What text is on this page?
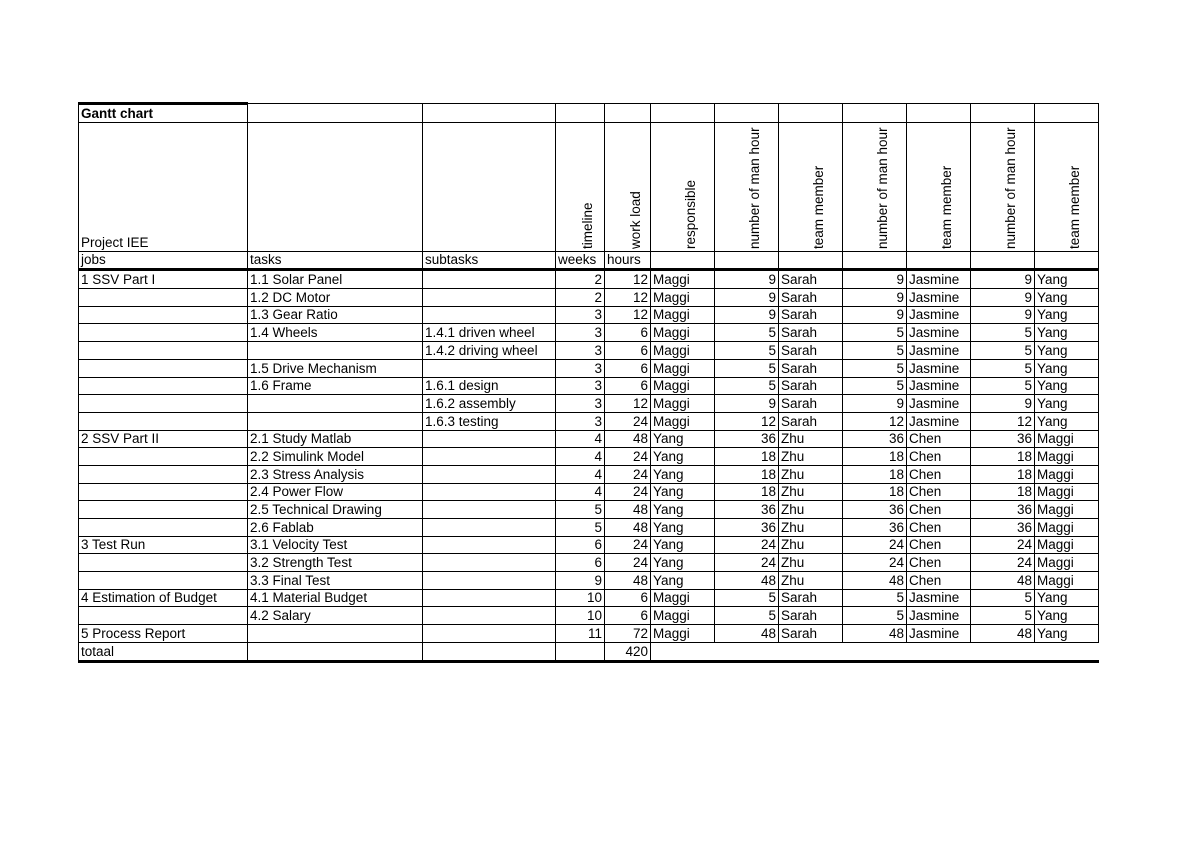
Gantt chart											
Project IEE			timeline	work load	responsible	number of man hour	team member	number of man hour	team member	number of man hour	team member

jobs	tasks	subtasks	weeks	hours							
1 SSV Part I	1.1 Solar Panel		2	12	Maggi	9	Sarah	9	Jasmine	9	Yang
	1.2 DC Motor		2	12	Maggi	9	Sarah	9	Jasmine	9	Yang
	1.3 Gear Ratio		3	12	Maggi	9	Sarah	9	Jasmine	9	Yang
	1.4 Wheels	1.4.1 driven wheel	3	6	Maggi	5	Sarah	5	Jasmine	5	Yang
		1.4.2 driving wheel	3	6	Maggi	5	Sarah	5	Jasmine	5	Yang
	1.5 Drive Mechanism		3	6	Maggi	5	Sarah	5	Jasmine	5	Yang
	1.6 Frame	1.6.1 design	3	6	Maggi	5	Sarah	5	Jasmine	5	Yang
		1.6.2 assembly	3	12	Maggi	9	Sarah	9	Jasmine	9	Yang
		1.6.3 testing	3	24	Maggi	12	Sarah	12	Jasmine	12	Yang
2 SSV Part II	2.1 Study Matlab		4	48	Yang	36	Zhu	36	Chen	36	Maggi
	2.2 Simulink Model		4	24	Yang	18	Zhu	18	Chen	18	Maggi
	2.3 Stress Analysis		4	24	Yang	18	Zhu	18	Chen	18	Maggi
	2.4 Power Flow		4	24	Yang	18	Zhu	18	Chen	18	Maggi
	2.5 Technical Drawing		5	48	Yang	36	Zhu	36	Chen	36	Maggi
	2.6 Fablab		5	48	Yang	36	Zhu	36	Chen	36	Maggi
3 Test Run	3.1 Velocity Test		6	24	Yang	24	Zhu	24	Chen	24	Maggi
	3.2 Strength Test		6	24	Yang	24	Zhu	24	Chen	24	Maggi
	3.3 Final Test		9	48	Yang	48	Zhu	48	Chen	48	Maggi
4 Estimation of Budget	4.1 Material Budget		10	6	Maggi	5	Sarah	5	Jasmine	5	Yang
	4.2 Salary		10	6	Maggi	5	Sarah	5	Jasmine	5	Yang
5 Process Report			11	72	Maggi	48	Sarah	48	Jasmine	48	Yang
totaal				420							
